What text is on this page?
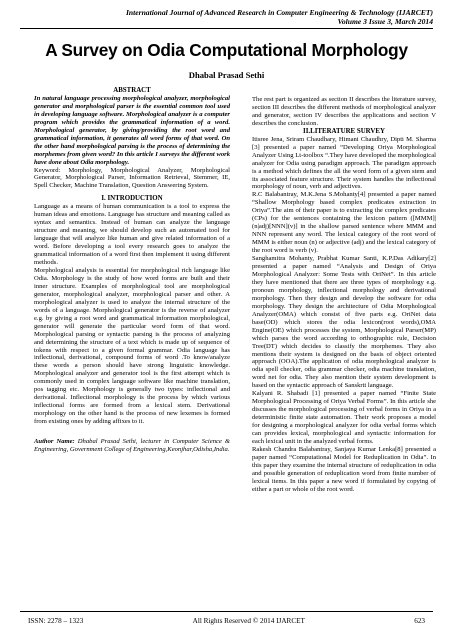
International Journal of Advanced Research in Computer Engineering & Technology (IJARCET)
Volume 3 Issue 3, March 2014
A Survey on Odia Computational Morphology
Dhabal Prasad Sethi
ABSTRACT

In natural language processing morphological analyzer, morphological generator and morphological parser is the essential common tool used in developing language software. Morphological analyzer is a computer program which provides the grammatical information of a word. Morphological generator, by giving/providing the root word and grammatical information, it generates all word forms of that word. On the other hand morphological parsing is the process of determining the morphemes from given word? In this article I surveys the different work have done about Odia morphology.

Keyword: Morphology, Morphological Analyzer, Morphological Generator, Morphological Parser, Information Retrieval, Stemmer, IE, Spell Checker, Machine Translation, Question Answering System.

I. INTRODUCTION

Language as a means of human communication is a tool to express the human ideas and emotions. Language has structure and meaning called as syntax and semantics. Instead of human can analyze the language structure and meaning, we should develop such an automated tool for language that will analyze like human and give related information of a word. Before developing a tool every research goes to analyze the grammatical information of a word first then implement it using different methods.

Morphological analysis is essential for morphological rich language like Odia. Morphology is the study of how word forms are built and their inner structure. Examples of morphological tool are morphological generator, morphological analyzer, morphological parser and other. A morphological analyzer is used to analyze the internal structure of the words of a language. Morphological generator is the reverse of analyzer e.g. by giving a root word and grammatical information morphological, generator will generate the particular word form of that word. Morphological parsing or syntactic parsing is the process of analyzing and determining the structure of a text which is made up of sequence of tokens with respect to a given formal grammar. Odia language has inflectional, derivational, compound forms of word .To know/analyze these words a person should have strong linguistic knowledge. Morphological analyzer and generator tool is the first attempt which is commonly used in complex language software like machine translation, pos tagging etc. Morphology is generally two types: inflectional and derivational. Inflectional morphology is the process by which various inflectional forms are formed from a lexical stem. Derivational morphology on the other hand is the process of new lexemes is formed from existing ones by adding affixes to it.

Author Name: Dhabal Prasad Sethi, lecturer in Computer Science & Engineering, Government College of Engineering,Keonjhar,Odisha,India.

The rest part is organized as section II describes the literature survey, section III describes the different methods of morphological analyzer and generator, section IV describes the applications and section V describes the conclusion.

II.LITERATURE SURVEY

Itisree Jena, Sriram Chaudhary, Himani Chaudhry, Dipti M. Sharma [3] presented a paper named “Developing Oriya Morphological Analyzer Using Lt-toolbox “.They have developed the morphological analyzer for Odia using paradigm approach. The paradigm approach is a method which defines the all the word form of a given stem and its associated feature structure. Their system handles the inflectional morphology of noun, verb and adjectives.

R.C Balabantray, M.K.Jena S.Mohanty[4] presented a paper named “Shallow Morphology based complex predicates extraction in Oriya”.The aim of their paper is to extracting the complex predicates (CPs) for the sentences containing the lexicon pattern ([MMM]|(n|adj)[NNN](v)] in the shallow parsed sentence where MMM and NNN represent any word. The lexical category of the root word of MMM is either noun (n) or adjective (adj) and the lexical category of the root word is verb (v).

Sanghamitra Mohanty, Prabhat Kumar Santi, K.P.Das Adikary[2] presented a paper named “Analysis and Design of Oriya Morphological Analyzer: Some Tests with OriNet”. In this article they have mentioned that there are three types of morphology e.g. pronoun morphology, inflectional morphology and derivational morphology. Then they design and develop the software for odia morphology. They design the architecture of Odia Morphological Analyzer(OMA) which consist of five parts e.g. OriNet data base(OD) which stores the odia lexicon(root words),OMA Engine(OE) which processes the system, Morphological Parser(MP) which parses the word according to orthographic rule, Decision Tree(DT) which decides to classify the morphemes. They also mentions their system is designed on the basis of object oriented approach (OOA).The application of odia morphological analyzer is odia spell checker, odia grammar checker, odia machine translation, word net for odia. They also mention their system development is based on the syntactic approach of Sanskrit language.

Kalyani R. Shabadi [1] presented a paper named “Finite State Morphological Processing of Oriya Verbal Forms”. In this article she discusses the morphological processing of verbal forms in Oriya in a deterministic finite state automation. Their work proposes a model for designing a morphological analyzer for odia verbal forms which can provides lexical, morphological and syntactic information for each lexical unit in the analyzed verbal forms.

Rakesh Chandra Balabantray, Sanjaya Kumar Lenka[8] presented a paper named “Computational Model for Reduplication in Odia”. In this paper they examine the internal structure of reduplication in odia and possible generation of reduplication word from finite number of lexical items. In this paper a new word if formulated by copying of either a part or whole of the root word.

ISSN: 2278 – 1323	All Rights Reserved © 2014 IJARCET	623
